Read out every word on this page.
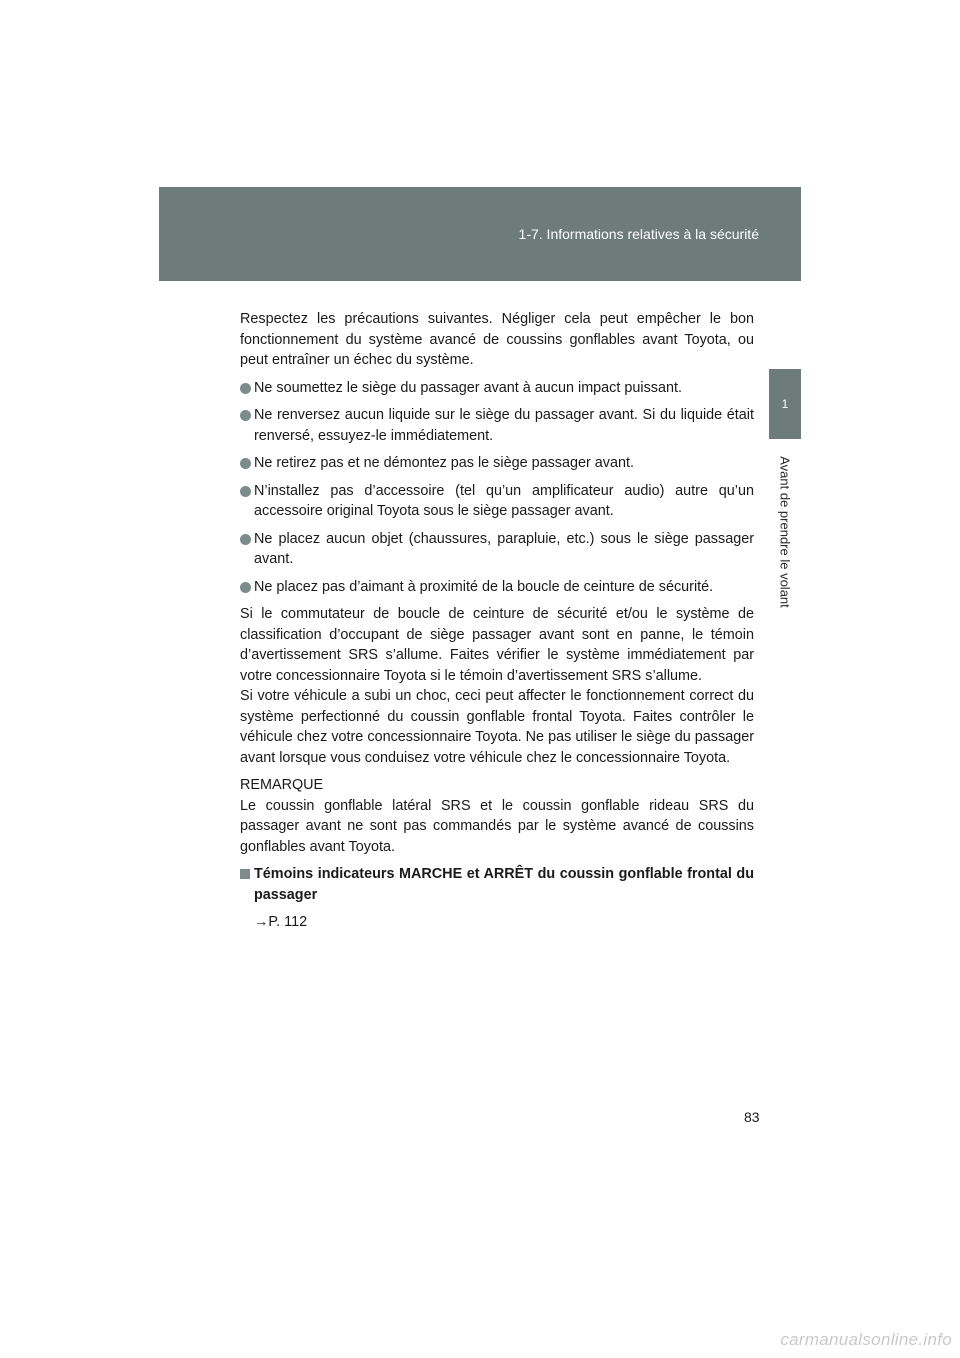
1-7. Informations relatives à la sécurité
1
Avant de prendre le volant

Respectez les précautions suivantes. Négliger cela peut empêcher le bon fonctionnement du système avancé de coussins gonflables avant Toyota, ou peut entraîner un échec du système.

Ne soumettez le siège du passager avant à aucun impact puissant.
Ne renversez aucun liquide sur le siège du passager avant. Si du liquide était renversé, essuyez-le immédiatement.
Ne retirez pas et ne démontez pas le siège passager avant.
N’installez pas d’accessoire (tel qu’un amplificateur audio) autre qu’un accessoire original Toyota sous le siège passager avant.
Ne placez aucun objet (chaussures, parapluie, etc.) sous le siège passager avant.
Ne placez pas d’aimant à proximité de la boucle de ceinture de sécurité.

Si le commutateur de boucle de ceinture de sécurité et/ou le système de classification d’occupant de siège passager avant sont en panne, le témoin d’avertissement SRS s’allume. Faites vérifier le système immédiatement par votre concessionnaire Toyota si le témoin d’avertissement SRS s’allume.

Si votre véhicule a subi un choc, ceci peut affecter le fonctionnement correct du système perfectionné du coussin gonflable frontal Toyota. Faites contrôler le véhicule chez votre concessionnaire Toyota. Ne pas utiliser le siège du passager avant lorsque vous conduisez votre véhicule chez le concessionnaire Toyota.

REMARQUE

Le coussin gonflable latéral SRS et le coussin gonflable rideau SRS du passager avant ne sont pas commandés par le système avancé de coussins gonflables avant Toyota.

Témoins indicateurs MARCHE et ARRÊT du coussin gonflable frontal du passager

→P. 112

83
carmanualsonline.info
